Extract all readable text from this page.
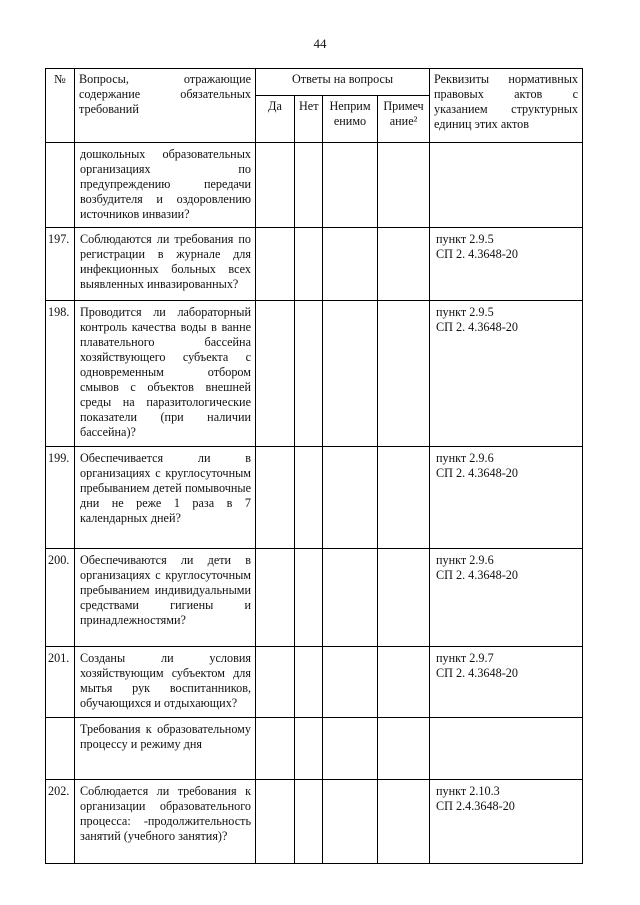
44
№	Вопросы, отражающие содержание обязательных требований	Ответы на вопросы				Реквизиты нормативных правовых актов с указанием структурных единиц этих актов

		Да	Нет	Неприм енимо	Примеч ание²	

	дошкольных образовательных организациях по предупреждению передачи возбудителя и оздоровлению источников инвазии?					

197.	Соблюдаются ли требования по регистрации в журнале для инфекционных больных всех выявленных инвазированных?					пункт 2.9.5
СП 2. 4.3648-20

198.	Проводится ли лабораторный контроль качества воды в ванне плавательного бассейна хозяйствующего субъекта с одновременным отбором смывов с объектов внешней среды на паразитологические показатели (при наличии бассейна)?					пункт 2.9.5
СП 2. 4.3648-20

199.	Обеспечивается ли в организациях с круглосуточным пребыванием детей помывочные дни не реже 1 раза в 7 календарных дней?					пункт 2.9.6
СП 2. 4.3648-20

200.	Обеспечиваются ли дети в организациях с круглосуточным пребыванием индивидуальными средствами гигиены и принадлежностями?					пункт 2.9.6
СП 2. 4.3648-20

201.	Созданы ли условия хозяйствующим субъектом для мытья рук воспитанников, обучающихся и отдыхающих?					пункт 2.9.7
СП 2. 4.3648-20

	Требования к образовательному процессу и режиму дня					

202.	Соблюдается ли требования к организации образовательного процесса: -продолжительность занятий (учебного занятия)?					пункт 2.10.3
СП 2.4.3648-20
